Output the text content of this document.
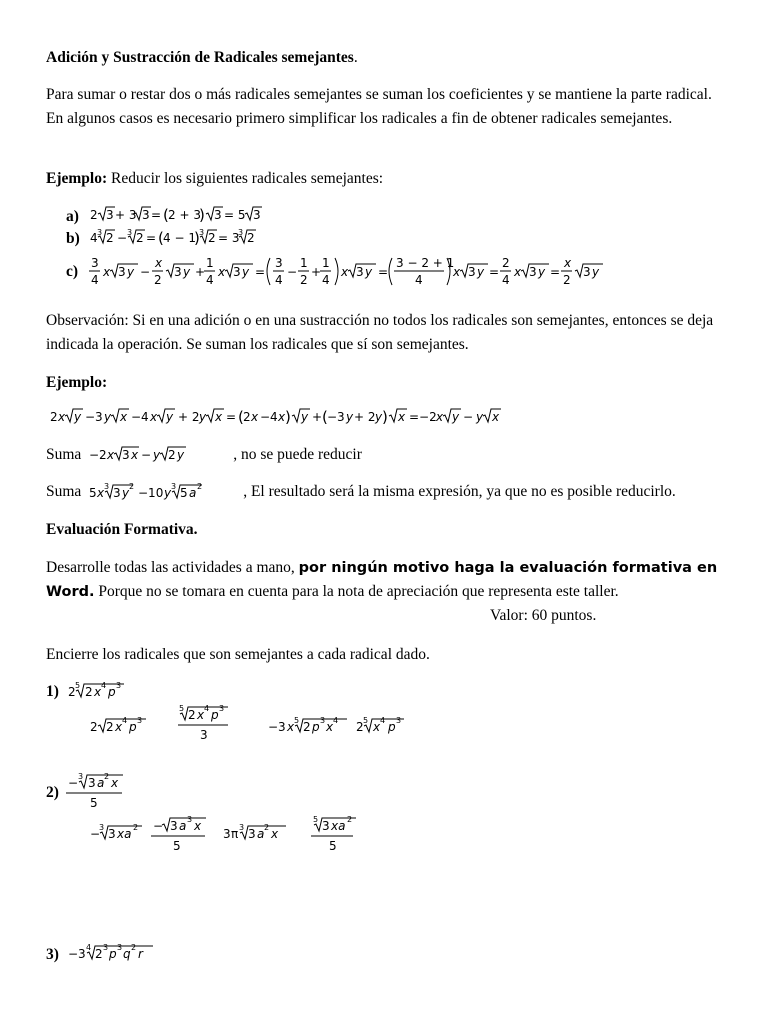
Adición y Sustracción de Radicales semejantes.
Para sumar o restar dos o más radicales semejantes se suman los coeficientes y se mantiene la parte radical. En algunos casos es necesario primero simplificar los radicales a fin de obtener radicales semejantes.
Ejemplo: Reducir los siguientes radicales semejantes:
Observación: Si en una adición o en una sustracción no todos los radicales son semejantes, entonces se deja indicada la operación. Se suman los radicales que sí son semejantes.
Ejemplo:
Suma	, no se puede reducir
Suma	, El resultado será la misma expresión, ya que no es posible reducirlo.
Evaluación Formativa.
Desarrolle todas las actividades a mano, por ningún motivo haga la evaluación formativa en Word. Porque no se tomara en cuenta para la nota de apreciación que representa este taller.
Valor: 60 puntos.
Encierre los radicales que son semejantes a cada radical dado.
a) 2 3 + 3 3 = ( 2 + 3
) 3 = 5 3
b) 4 3 2 − 3 2 = ( 4 − 1
) 3 2 = 3
3 2
c) 3
4
x 3 y −
x
2
3 y +
1
4
x 3 y =
3
4
−
1
2
+
1
4
x 3 y =
3 − 2 + 1
4
x 3 y =
2
4
x 3 y =
x
2
3 y
2 x y −3 y x −4 x y + 2 y x = ( 2 x −4 x ) y + ( −3 y + 2 y ) x =−2 x y − y x
−2 x 3 x − y 2 y
5 x 3 3 y 2 −10 y 3 5 a 2
1) 2 5 2 x 4 p 3
2 2 x 4 p 3
5 2 x 4 p 3
3
−3 x 5 2 p 3 x 4 2 5 x 4 p 3
2)
− 3 3 a 2 x
5
−
3 3 xa 2 − 3 a 3 x
5
3 π 3 3 a 2 x
5 3 xa 2
5
3) −3 4 2 3 p 3 q 2 r
